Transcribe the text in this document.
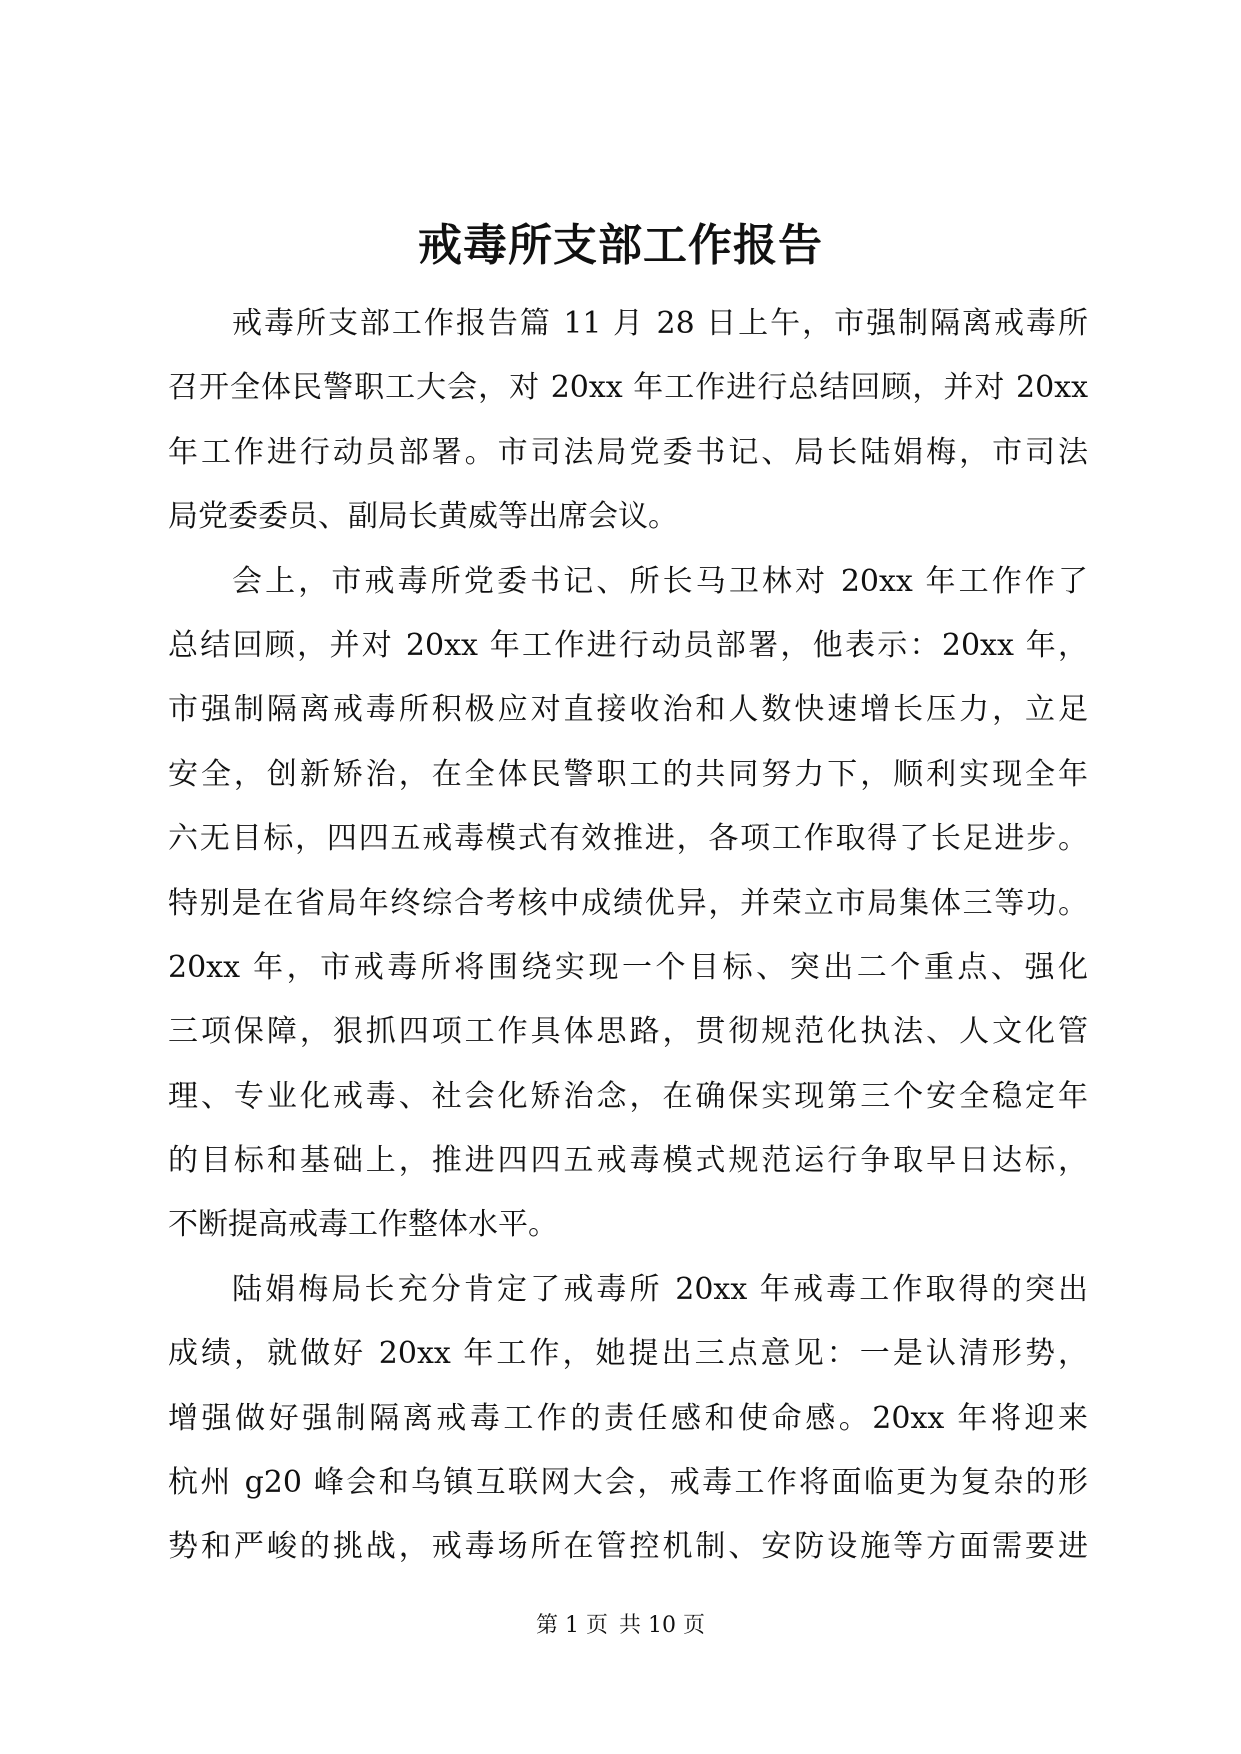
戒毒所支部工作报告
戒毒所支部工作报告篇 11 月 28 日上午，市强制隔离戒毒所
召开全体民警职工大会，对 20xx 年工作进行总结回顾，并对 20xx
年工作进行动员部署。市司法局党委书记、局长陆娟梅，市司法
局党委委员、副局长黄威等出席会议。
会上，市戒毒所党委书记、所长马卫林对 20xx 年工作作了
总结回顾，并对 20xx 年工作进行动员部署，他表示：20xx 年，
市强制隔离戒毒所积极应对直接收治和人数快速增长压力，立足
安全，创新矫治，在全体民警职工的共同努力下，顺利实现全年
六无目标，四四五戒毒模式有效推进，各项工作取得了长足进步。
特别是在省局年终综合考核中成绩优异，并荣立市局集体三等功。
20xx 年，市戒毒所将围绕实现一个目标、突出二个重点、强化
三项保障，狠抓四项工作具体思路，贯彻规范化执法、人文化管
理、专业化戒毒、社会化矫治念，在确保实现第三个安全稳定年
的目标和基础上，推进四四五戒毒模式规范运行争取早日达标，
不断提高戒毒工作整体水平。
陆娟梅局长充分肯定了戒毒所 20xx 年戒毒工作取得的突出
成绩，就做好 20xx 年工作，她提出三点意见：一是认清形势，
增强做好强制隔离戒毒工作的责任感和使命感。20xx 年将迎来
杭州 g20 峰会和乌镇互联网大会，戒毒工作将面临更为复杂的形
势和严峻的挑战，戒毒场所在管控机制、安防设施等方面需要进
第 1 页 共 10 页
